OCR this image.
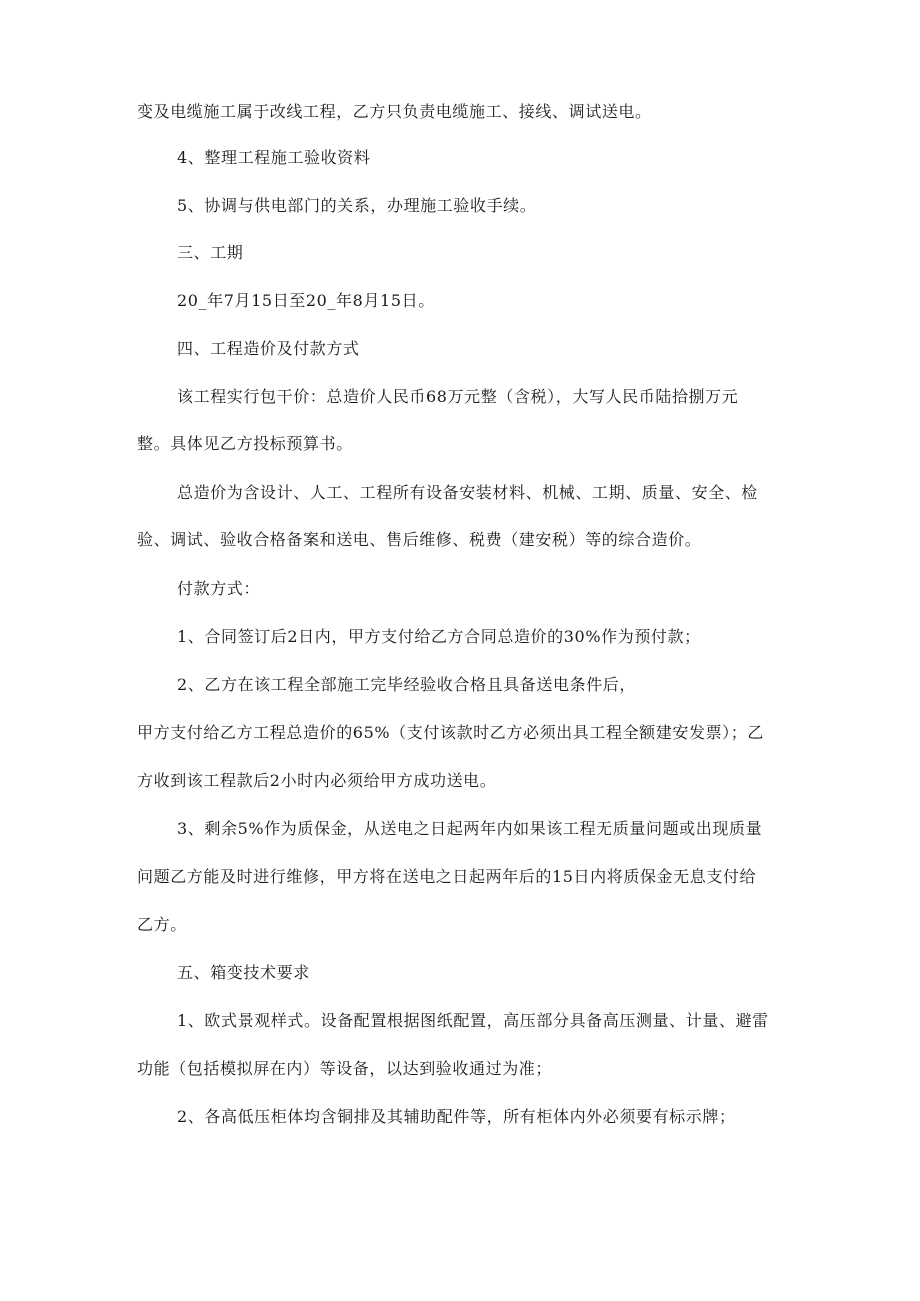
变及电缆施工属于改线工程，乙方只负责电缆施工、接线、调试送电。
4、整理工程施工验收资料
5、协调与供电部门的关系，办理施工验收手续。
三、工期
20_年7月15日至20_年8月15日。
四、工程造价及付款方式
该工程实行包干价：总造价人民币68万元整（含税），大写人民币陆拾捌万元
整。具体见乙方投标预算书。
总造价为含设计、人工、工程所有设备安装材料、机械、工期、质量、安全、检
验、调试、验收合格备案和送电、售后维修、税费（建安税）等的综合造价。
付款方式：
1、合同签订后2日内，甲方支付给乙方合同总造价的30%作为预付款；
2、乙方在该工程全部施工完毕经验收合格且具备送电条件后，
甲方支付给乙方工程总造价的65%（支付该款时乙方必须出具工程全额建安发票）；乙
方收到该工程款后2小时内必须给甲方成功送电。
3、剩余5%作为质保金，从送电之日起两年内如果该工程无质量问题或出现质量
问题乙方能及时进行维修，甲方将在送电之日起两年后的15日内将质保金无息支付给
乙方。
五、箱变技术要求
1、欧式景观样式。设备配置根据图纸配置，高压部分具备高压测量、计量、避雷
功能（包括模拟屏在内）等设备，以达到验收通过为准；
2、各高低压柜体均含铜排及其辅助配件等，所有柜体内外必须要有标示牌；
